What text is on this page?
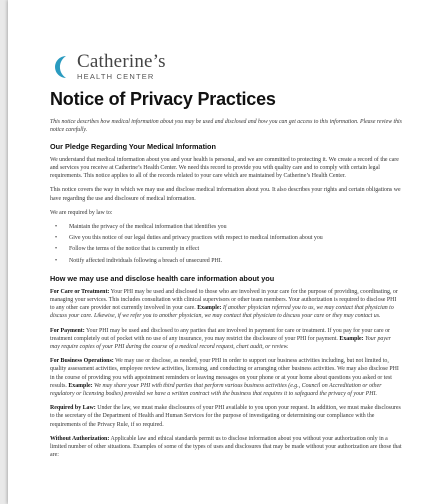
Catherine’s
HEALTH CENTER
Notice of Privacy Practices

This notice describes how medical information about you may be used and disclosed and how you can get access to this information. Please review this notice carefully.

Our Pledge Regarding Your Medical Information

We understand that medical information about you and your health is personal, and we are committed to protecting it. We create a record of the care and services you receive at Catherine’s Health Center. We need this record to provide you with quality care and to comply with certain legal requirements. This notice applies to all of the records related to your care which are maintained by Catherine’s Health Center.

This notice covers the way in which we may use and disclose medical information about you. It also describes your rights and certain obligations we have regarding the use and disclosure of medical information.

We are required by law to:

• Maintain the privacy of the medical information that identifies you
• Give you this notice of our legal duties and privacy practices with respect to medical information about you
• Follow the terms of the notice that is currently in effect
• Notify affected individuals following a breach of unsecured PHI.
How we may use and disclose health care information about you

For Care or Treatment: Your PHI may be used and disclosed to those who are involved in your care for the purpose of providing, coordinating, or managing your services. This includes consultation with clinical supervisors or other team members. Your authorization is required to disclose PHI to any other care provider not currently involved in your care. Example: If another physician referred you to us, we may contact that physician to discuss your care. Likewise, if we refer you to another physician, we may contact that physician to discuss your care or they may contact us.

For Payment: Your PHI may be used and disclosed to any parties that are involved in payment for care or treatment. If you pay for your care or treatment completely out of pocket with no use of any insurance, you may restrict the disclosure of your PHI for payment. Example: Your payer may require copies of your PHI during the course of a medical record request, chart audit, or review.

For Business Operations: We may use or disclose, as needed, your PHI in order to support our business activities including, but not limited to, quality assessment activities, employee review activities, licensing, and conducting or arranging other business activities. We may also disclose PHI in the course of providing you with appointment reminders or leaving messages on your phone or at your home about questions you asked or test results. Example: We may share your PHI with third parties that perform various business activities (e.g., Council on Accreditation or other regulatory or licensing bodies) provided we have a written contract with the business that requires it to safeguard the privacy of your PHI.

Required by Law: Under the law, we must make disclosures of your PHI available to you upon your request. In addition, we must make disclosures to the secretary of the Department of Health and Human Services for the purpose of investigating or determining our compliance with the requirements of the Privacy Rule, if so required.

Without Authorization: Applicable law and ethical standards permit us to disclose information about you without your authorization only in a limited number of other situations. Examples of some of the types of uses and disclosures that may be made without your authorization are those that are:
